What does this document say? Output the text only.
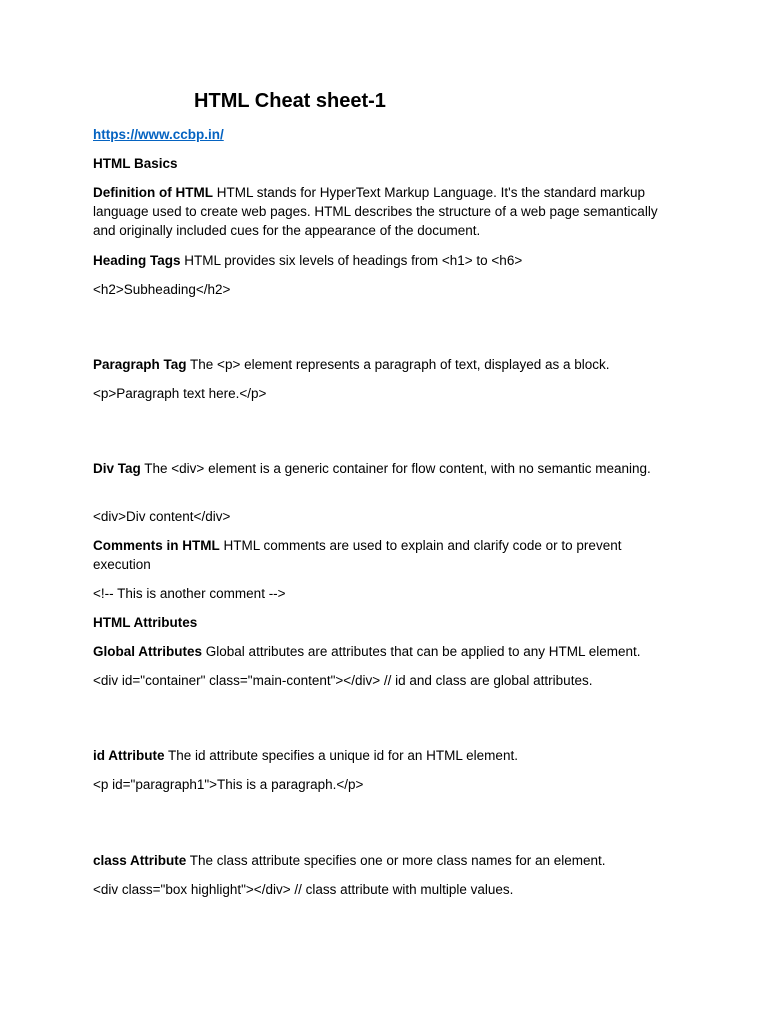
HTML Cheat sheet-1

https://www.ccbp.in/

HTML Basics

Definition of HTML HTML stands for HyperText Markup Language. It's the standard markup language used to create web pages. HTML describes the structure of a web page semantically and originally included cues for the appearance of the document.

Heading Tags HTML provides six levels of headings from <h1> to <h6>

<h2>Subheading</h2>

Paragraph Tag The <p> element represents a paragraph of text, displayed as a block.

<p>Paragraph text here.</p>

Div Tag The <div> element is a generic container for flow content, with no semantic meaning.

<div>Div content</div>

Comments in HTML HTML comments are used to explain and clarify code or to prevent execution

<!-- This is another comment -->

HTML Attributes

Global Attributes Global attributes are attributes that can be applied to any HTML element.

<div id="container" class="main-content"></div> // id and class are global attributes.

id Attribute The id attribute specifies a unique id for an HTML element.

<p id="paragraph1">This is a paragraph.</p>

class Attribute The class attribute specifies one or more class names for an element.

<div class="box highlight"></div> // class attribute with multiple values.
